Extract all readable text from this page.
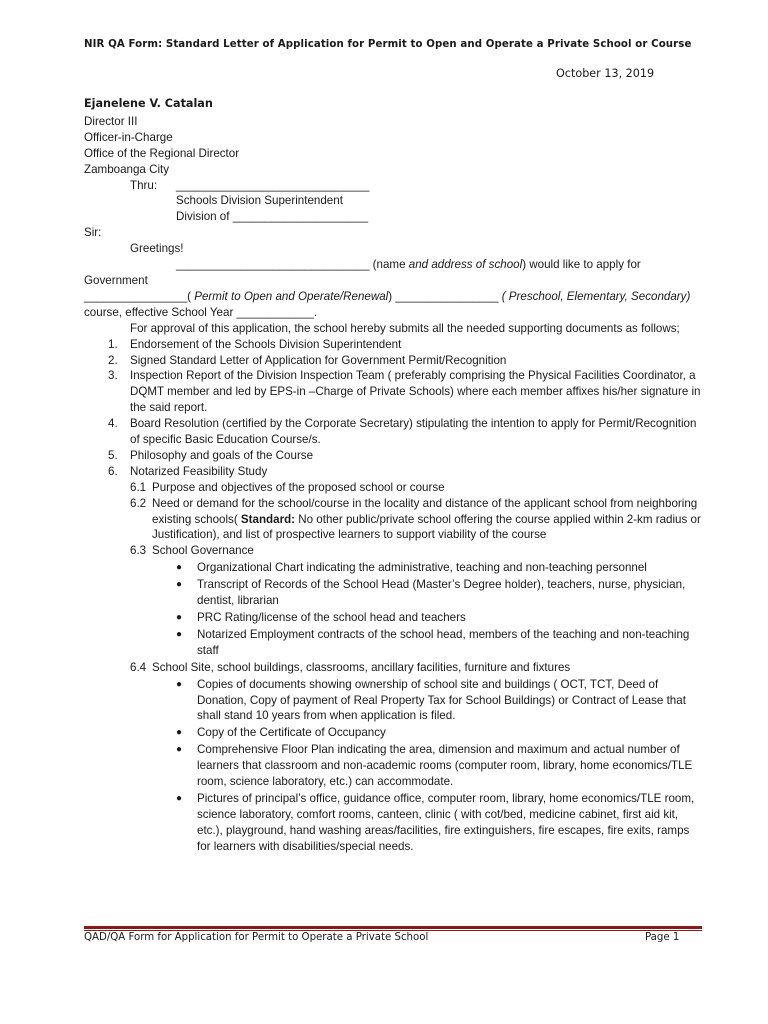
NIR QA Form: Standard Letter of Application for Permit to Open and Operate a Private School or Course
October 13, 2019

Ejanelene V. Catalan

Director III

Officer-in-Charge

Office of the Regional Director

Zamboanga City

Thru:	______________________________

Schools Division Superintendent

Division of _____________________

Sir:

Greetings!

______________________________ (name and address of school) would like to apply for Government
________________( Permit to Open and Operate/Renewal) ________________ ( Preschool, Elementary, Secondary)
course, effective School Year ____________.

For approval of this application, the school hereby submits all the needed supporting documents as follows;

1.	Endorsement of the Schools Division Superintendent
2.	Signed Standard Letter of Application for Government Permit/Recognition
3.	Inspection Report of the Division Inspection Team ( preferably comprising the Physical Facilities Coordinator, a DQMT member and led by EPS-in –Charge of Private Schools) where each member affixes his/her signature in the said report.
4.	Board Resolution (certified by the Corporate Secretary) stipulating the intention to apply for Permit/Recognition of specific Basic Education Course/s.
5.	Philosophy and goals of the Course
6.	Notarized Feasibility Study
6.1 Purpose and objectives of the proposed school or course
6.2 Need or demand for the school/course in the locality and distance of the applicant school from neighboring existing schools( Standard: No other public/private school offering the course applied within 2-km radius or Justification), and list of prospective learners to support viability of the course
6.3 School Governance
●	Organizational Chart indicating the administrative, teaching and non-teaching personnel
●	Transcript of Records of the School Head (Master’s Degree holder), teachers, nurse, physician, dentist, librarian
●	PRC Rating/license of the school head and teachers
●	Notarized Employment contracts of the school head, members of the teaching and non-teaching staff
6.4 School Site, school buildings, classrooms, ancillary facilities, furniture and fixtures
●	Copies of documents showing ownership of school site and buildings ( OCT, TCT, Deed of Donation, Copy of payment of Real Property Tax for School Buildings) or Contract of Lease that shall stand 10 years from when application is filed.
●	Copy of the Certificate of Occupancy
●	Comprehensive Floor Plan indicating the area, dimension and maximum and actual number of learners that classroom and non-academic rooms (computer room, library, home economics/TLE room, science laboratory, etc.) can accommodate.
●	Pictures of principal’s office, guidance office, computer room, library, home economics/TLE room, science laboratory, comfort rooms, canteen, clinic ( with cot/bed, medicine cabinet, first aid kit, etc.), playground, hand washing areas/facilities, fire extinguishers, fire escapes, fire exits, ramps for learners with disabilities/special needs.
QAD/QA Form for Application for Permit to Operate a Private School	Page 1
